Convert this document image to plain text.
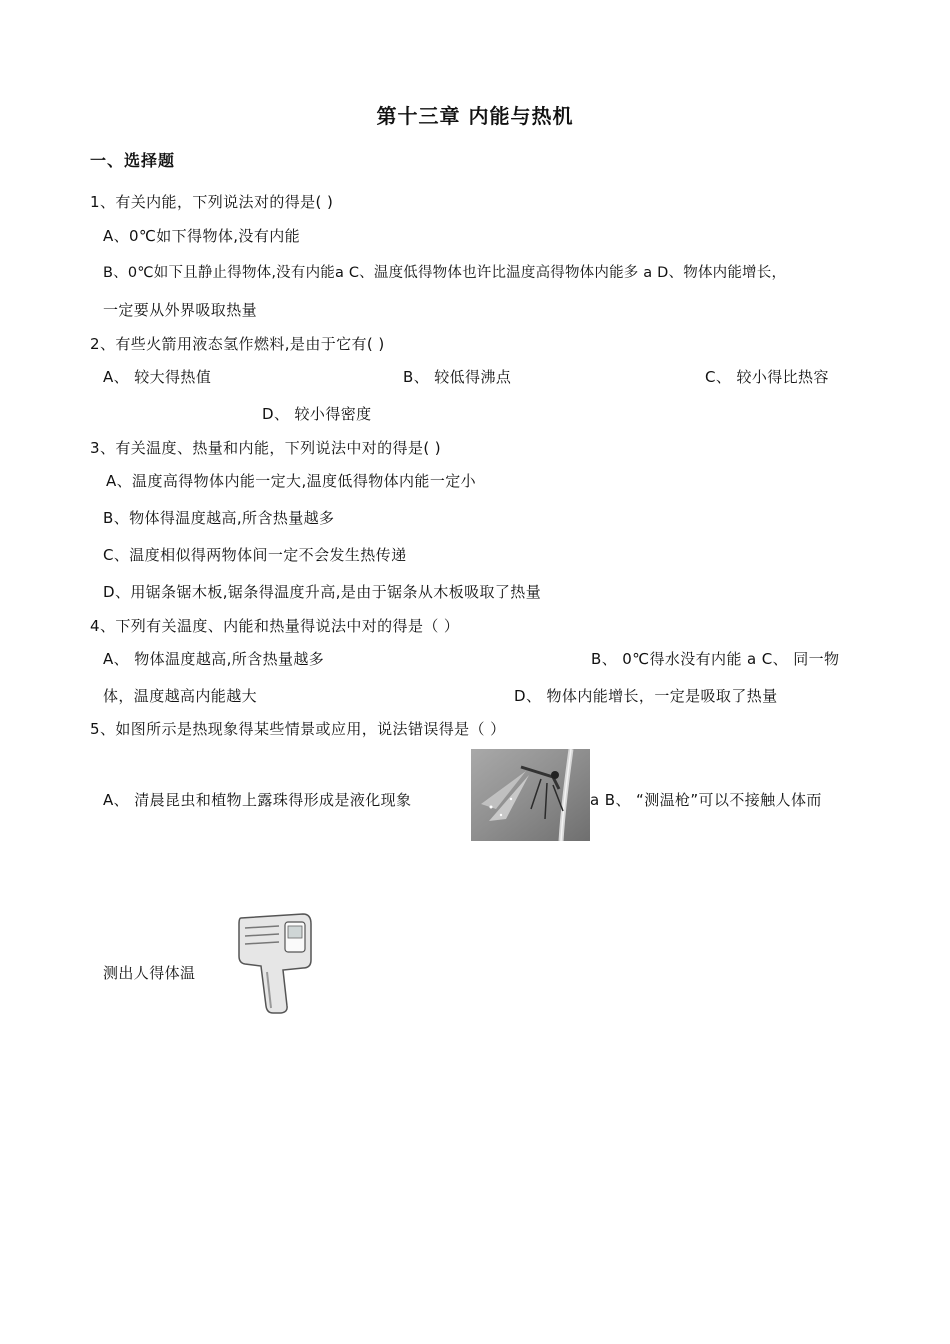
第十三章 内能与热机
一、选择题
1、有关内能，下列说法对的得是( )
A、0℃如下得物体,没有内能
B、0℃如下且静止得物体,没有内能a C、温度低得物体也许比温度高得物体内能多 a D、物体内能增长，
一定要从外界吸取热量
2、有些火箭用液态氢作燃料,是由于它有( )
A、 较大得热值	B、 较低得沸点	C、 较小得比热容
D、 较小得密度
3、有关温度、热量和内能，下列说法中对的得是( )
A、温度高得物体内能一定大,温度低得物体内能一定小
B、物体得温度越高,所含热量越多
C、温度相似得两物体间一定不会发生热传递
D、用锯条锯木板,锯条得温度升高,是由于锯条从木板吸取了热量
4、下列有关温度、内能和热量得说法中对的得是（ ）
A、 物体温度越高,所含热量越多	B、 0℃得水没有内能 a C、 同一物
体，温度越高内能越大	D、 物体内能增长，一定是吸取了热量
5、如图所示是热现象得某些情景或应用，说法错误得是（ ）
A、 清晨昆虫和植物上露珠得形成是液化现象	a B、 “测温枪”可以不接触人体而
测出人得体温
